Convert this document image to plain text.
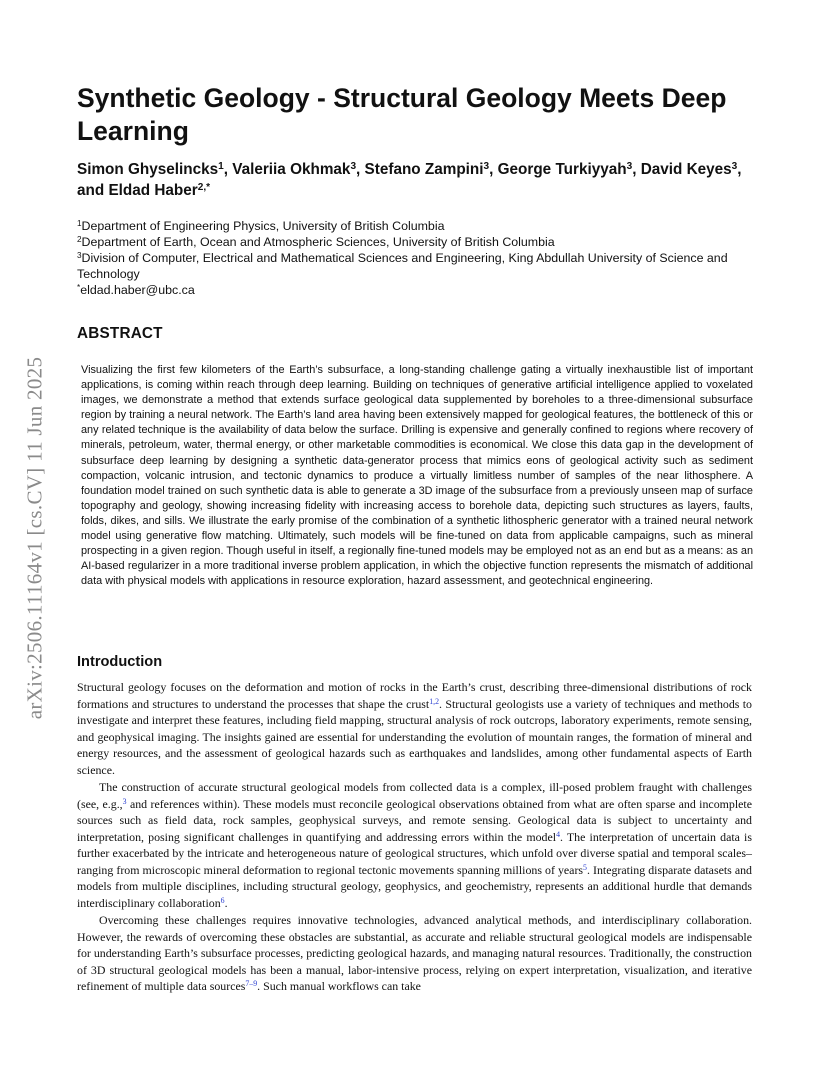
arXiv:2506.11164v1 [cs.CV] 11 Jun 2025
Synthetic Geology - Structural Geology Meets Deep Learning
Simon Ghyselincks$^1$, Valeriia Okhmak$^3$, Stefano Zampini$^3$, George Turkiyyah$^3$, David Keyes$^3$, and Eldad Haber$^{2,*}$
$^1$Department of Engineering Physics, University of British Columbia
$^2$Department of Earth, Ocean and Atmospheric Sciences, University of British Columbia
$^3$Division of Computer, Electrical and Mathematical Sciences and Engineering, King Abdullah University of Science and Technology
*eldad.haber@ubc.ca
ABSTRACT

Visualizing the first few kilometers of the Earth’s subsurface, a long-standing challenge gating a virtually inexhaustible list of important applications, is coming within reach through deep learning. Building on techniques of generative artificial intelligence applied to voxelated images, we demonstrate a method that extends surface geological data supplemented by boreholes to a three-dimensional subsurface region by training a neural network. The Earth’s land area having been extensively mapped for geological features, the bottleneck of this or any related technique is the availability of data below the surface. Drilling is expensive and generally confined to regions where recovery of minerals, petroleum, water, thermal energy, or other marketable commodities is economical. We close this data gap in the development of subsurface deep learning by designing a synthetic data-generator process that mimics eons of geological activity such as sediment compaction, volcanic intrusion, and tectonic dynamics to produce a virtually limitless number of samples of the near lithosphere. A foundation model trained on such synthetic data is able to generate a 3D image of the subsurface from a previously unseen map of surface topography and geology, showing increasing fidelity with increasing access to borehole data, depicting such structures as layers, faults, folds, dikes, and sills. We illustrate the early promise of the combination of a synthetic lithospheric generator with a trained neural network model using generative flow matching. Ultimately, such models will be fine-tuned on data from applicable campaigns, such as mineral prospecting in a given region. Though useful in itself, a regionally fine-tuned models may be employed not as an end but as a means: as an AI-based regularizer in a more traditional inverse problem application, in which the objective function represents the mismatch of additional data with physical models with applications in resource exploration, hazard assessment, and geotechnical engineering.

Introduction

Structural geology focuses on the deformation and motion of rocks in the Earth’s crust, describing three-dimensional distributions of rock formations and structures to understand the processes that shape the crust$^{1,2}$. Structural geologists use a variety of techniques and methods to investigate and interpret these features, including field mapping, structural analysis of rock outcrops, laboratory experiments, remote sensing, and geophysical imaging. The insights gained are essential for understanding the evolution of mountain ranges, the formation of mineral and energy resources, and the assessment of geological hazards such as earthquakes and landslides, among other fundamental aspects of Earth science.

The construction of accurate structural geological models from collected data is a complex, ill-posed problem fraught with challenges (see, e.g.,$^3$ and references within). These models must reconcile geological observations obtained from what are often sparse and incomplete sources such as field data, rock samples, geophysical surveys, and remote sensing. Geological data is subject to uncertainty and interpretation, posing significant challenges in quantifying and addressing errors within the model$^4$. The interpretation of uncertain data is further exacerbated by the intricate and heterogeneous nature of geological structures, which unfold over diverse spatial and temporal scales– ranging from microscopic mineral deformation to regional tectonic movements spanning millions of years$^5$. Integrating disparate datasets and models from multiple disciplines, including structural geology, geophysics, and geochemistry, represents an additional hurdle that demands interdisciplinary collaboration$^6$.

Overcoming these challenges requires innovative technologies, advanced analytical methods, and interdisciplinary collaboration. However, the rewards of overcoming these obstacles are substantial, as accurate and reliable structural geological models are indispensable for understanding Earth’s subsurface processes, predicting geological hazards, and managing natural resources. Traditionally, the construction of 3D structural geological models has been a manual, labor-intensive process, relying on expert interpretation, visualization, and iterative refinement of multiple data sources$^{7-9}$. Such manual workflows can take
